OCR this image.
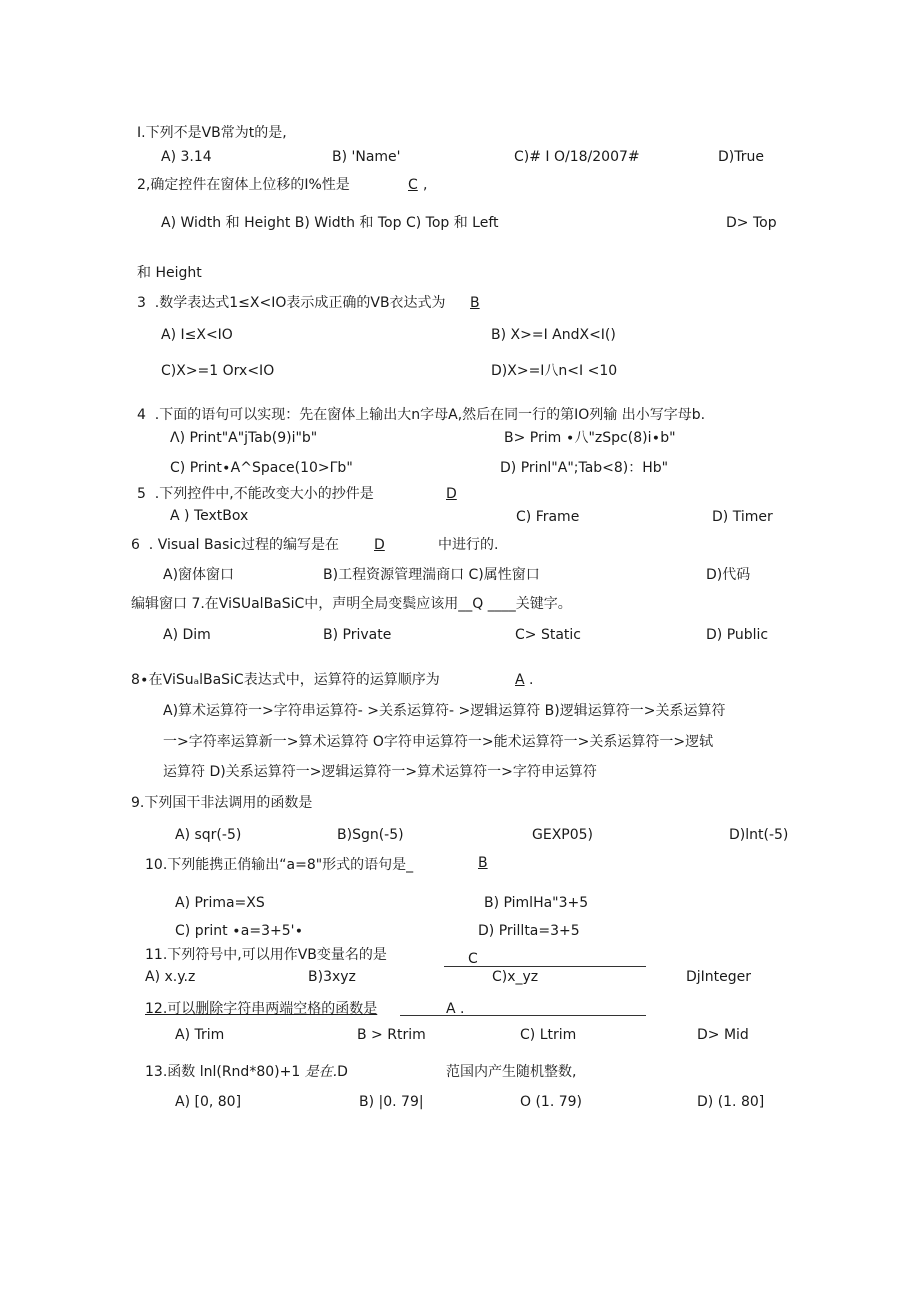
I.下列不是VB常为t的是,
A) 3.14	B) 'Name'	C)# I O/18/2007#	D)True
2,确定控件在窗体上位移的I%性是	C ,
A) Width 和 Height B) Width 和 Top C) Top 和 Left	D> Top
和 Height
3  .数学表达式1≤X<IO表示成正确的VB衣达式为 B
A) I≤X<IO	B) X>=I AndX<I()
C)X>=1 Orx<IO	D)X>=I八n<I <10
4  .下面的语句可以实现：先在窗体上输出大n字母A,然后在同一行的第IO列输 出小写字母b.
Λ) Print"A"jTab(9)i"b"	B> Prim ∙八"zSpc(8)i∙b"
C) Print∙A^Space(10>Γb"	D) Prinl"A";Tab<8)：Hb"
5  .下列控件中,不能改变大小的抄件是	D
A ) TextBox	C) Frame	D) Timer
6  . Visual Basic过程的编写是在 D	中进行的.
A)窗体窗口	B)工程资源管理湍商口 C)属性窗口	D)代码
编辑窗口 7.在ViSUalBaSiC中，声明全局变鬓应该用__Q ____关键字。
A) Dim	B) Private	C> Static	D) Public
8∙在ViSuₐlBaSiC表达式中，运算符的运算顺序为	A .
A)算术运算符一>字符串运算符- >关系运算符- >逻辑运算符 B)逻辑运算符一>关系运算符
一>字符率运算新一>算术运算符 O字符申运算符一>能术运算符一>关系运算符一>逻轼
运算符 D)关系运算符一>逻辑运算符一>算术运算符一>字符申运算符
9.下列国干非法调用的函数是
A) sqr(-5)	B)Sgn(-5)	GEXP05)	D)lnt(-5)
10.下列能携正俏输出“a=8"形式的语句是_	B
A) Prima=XS	B) PimlHa"3+5
C) print ∙a=3+5'∙	D) Prillta=3+5
11.下列符号中,可以用作VB变量名的是	C
A) x.y.z	B)3xyz	C)x_yz	DjInteger
12.可以删除字符串两端空格的函数是	A .
A) Trim	B > Rtrim	C) Ltrim	D> Mid
13.函数 lnl(Rnd*80)+1 是在.D	范国内产生随机整数,
A) [0, 80]	B) |0. 79|	O (1. 79)	D) (1. 80]
